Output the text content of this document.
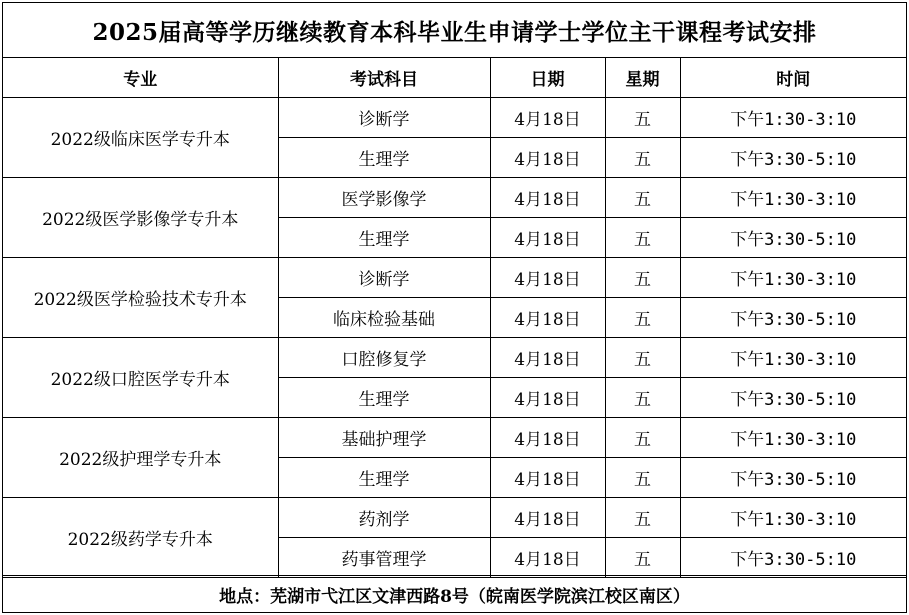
2025届高等学历继续教育本科毕业生申请学士学位主干课程考试安排
专业	考试科目	日期	星期	时间
2022级临床医学专升本	诊断学	4月18日	五	下午1:30-3:10
	生理学	4月18日	五	下午3:30-5:10
2022级医学影像学专升本	医学影像学	4月18日	五	下午1:30-3:10
	生理学	4月18日	五	下午3:30-5:10
2022级医学检验技术专升本	诊断学	4月18日	五	下午1:30-3:10
	临床检验基础	4月18日	五	下午3:30-5:10
2022级口腔医学专升本	口腔修复学	4月18日	五	下午1:30-3:10
	生理学	4月18日	五	下午3:30-5:10
2022级护理学专升本	基础护理学	4月18日	五	下午1:30-3:10
	生理学	4月18日	五	下午3:30-5:10
2022级药学专升本	药剂学	4月18日	五	下午1:30-3:10
	药事管理学	4月18日	五	下午3:30-5:10
地点：芜湖市弋江区文津西路8号（皖南医学院滨江校区南区）
